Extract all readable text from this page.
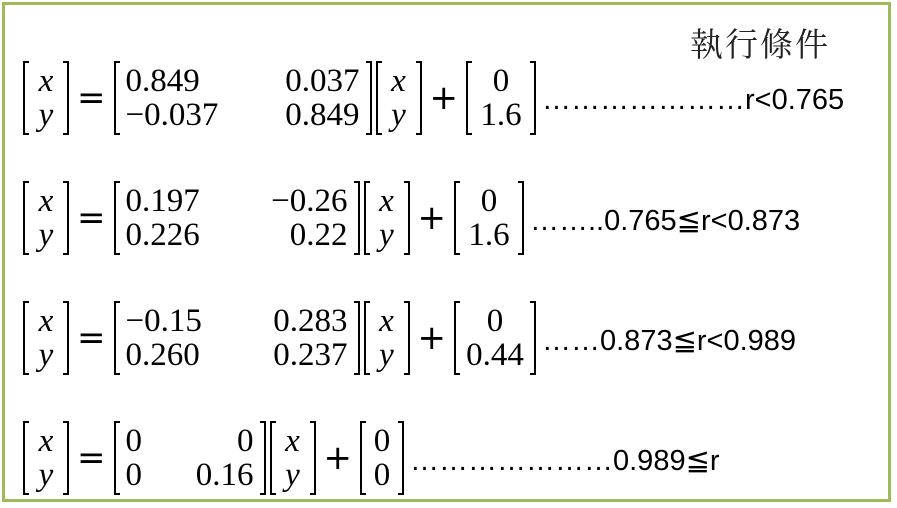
執行條件
x
y = 0.849	0.037
−0.037 0.849
x
y +	0
1.6 …………………r<0.765
x
y = 0.197 −0.26
0.226	0.22
x
y +	0
1.6 ……..0.765≦r<0.873
x
y = −0.15 0.283
0.260 0.237
x
y +	0
0.44 ……0.873≦r<0.989
x
y = 0	0
0 0.16
x
y + 0
0 …………………0.989≦r
